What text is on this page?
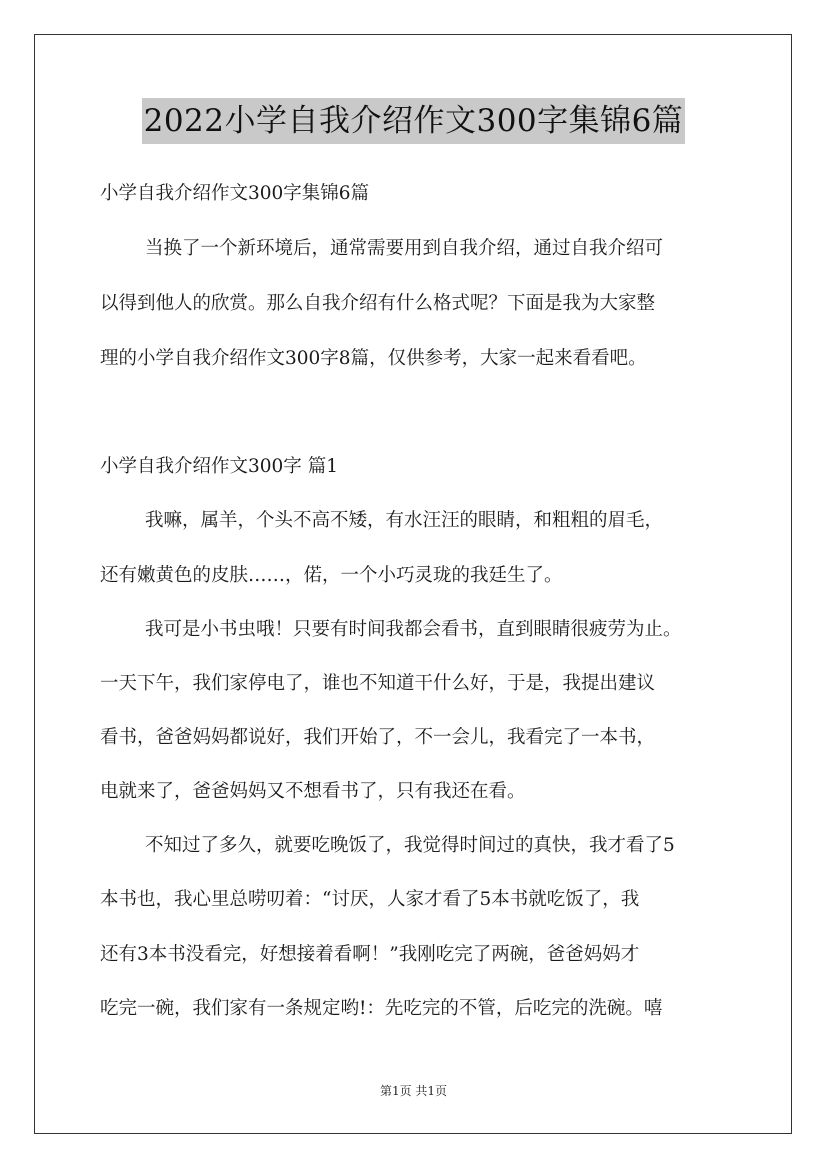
2022小学自我介绍作文300字集锦6篇
小学自我介绍作文300字集锦6篇
当换了一个新环境后，通常需要用到自我介绍，通过自我介绍可
以得到他人的欣赏。那么自我介绍有什么格式呢？下面是我为大家整
理的小学自我介绍作文300字8篇，仅供参考，大家一起来看看吧。
小学自我介绍作文300字 篇1
我嘛，属羊，个头不高不矮，有水汪汪的眼睛，和粗粗的眉毛，
还有嫩黄色的皮肤……，偌，一个小巧灵珑的我廷生了。
我可是小书虫哦！只要有时间我都会看书，直到眼睛很疲劳为止。
一天下午，我们家停电了，谁也不知道干什么好，于是，我提出建议
看书，爸爸妈妈都说好，我们开始了，不一会儿，我看完了一本书，
电就来了，爸爸妈妈又不想看书了，只有我还在看。
不知过了多久，就要吃晚饭了，我觉得时间过的真快，我才看了5
本书也，我心里总唠叨着：“讨厌，人家才看了5本书就吃饭了，我
还有3本书没看完，好想接着看啊！”我刚吃完了两碗，爸爸妈妈才
吃完一碗，我们家有一条规定哟!：先吃完的不管，后吃完的洗碗。嘻
第1页 共1页
